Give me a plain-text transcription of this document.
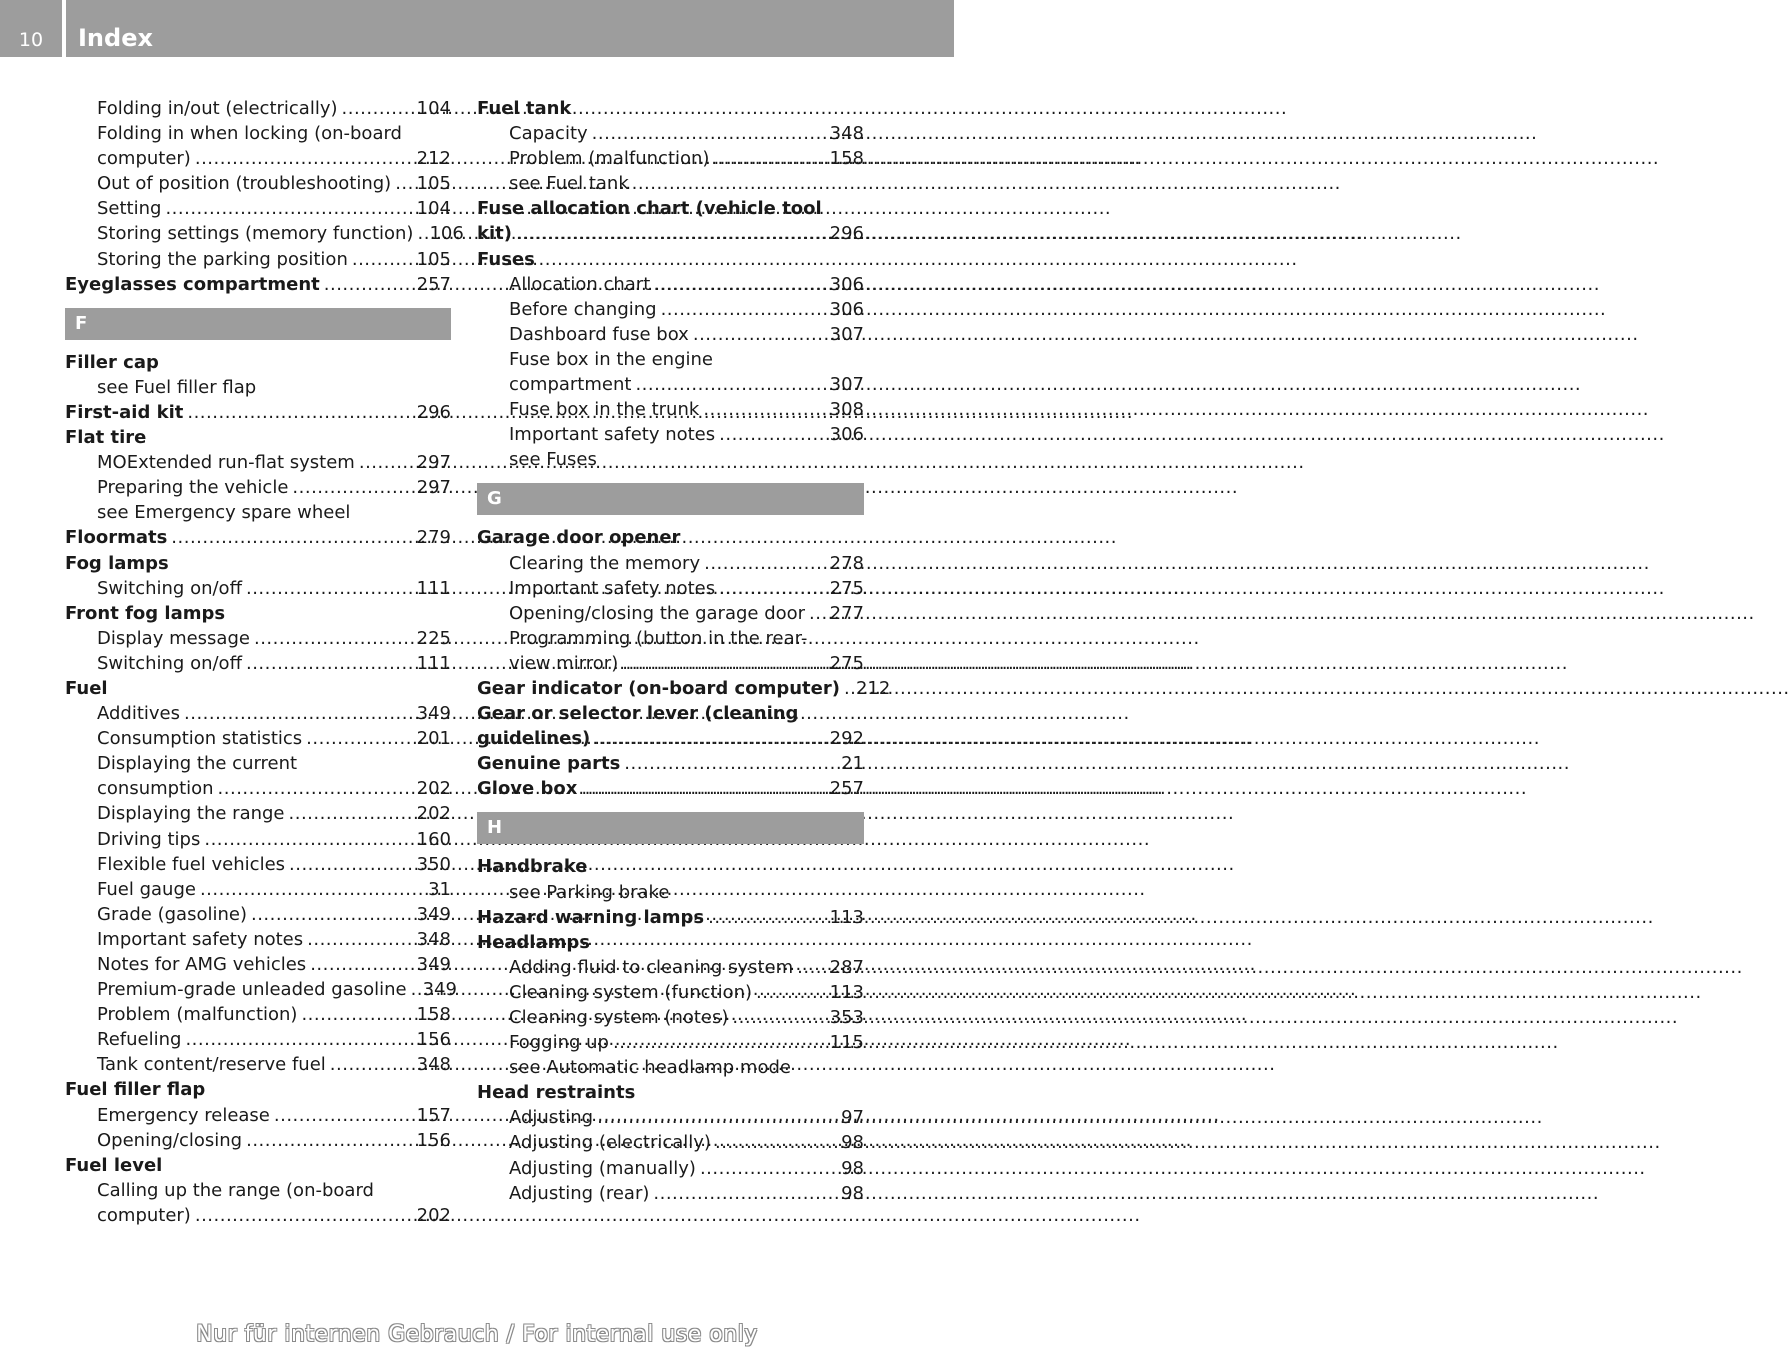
10	Index
Folding in/out (electrically) .....	104
Folding in when locking (on-board
computer) .....	212
Out of position (troubleshooting) ..... 105
Setting .....	104
Storing settings (memory function) ..... 106
Storing the parking position .....	105
Eyeglasses compartment .....	257
F
Filler cap
see Fuel filler flap
First-aid kit .....	296
Flat tire
MOExtended run-flat system .....	297
Preparing the vehicle .....	297
see Emergency spare wheel
Floormats .....	279
Fog lamps
Switching on/off .....	111
Front fog lamps
Display message .....	225
Switching on/off .....	111
Fuel
Additives .....	349
Consumption statistics .....	201
Displaying the current
consumption .....	202
Displaying the range .....	202
Driving tips .....	160
Flexible fuel vehicles .....	350
Fuel gauge .....	31
Grade (gasoline) .....	349
Important safety notes .....	348
Notes for AMG vehicles .....	349
Premium-grade unleaded gasoline ..... 349
Problem (malfunction) .....	158
Refueling .....	156
Tank content/reserve fuel .....	348
Fuel filler flap
Emergency release .....	157
Opening/closing .....	156
Fuel level
Calling up the range (on-board
computer) .....	202
Fuel tank
Capacity .....	348
Problem (malfunction) .....	158
see Fuel tank
Fuse allocation chart (vehicle tool
kit) .....	296
Fuses
Allocation chart .....	306
Before changing .....	306
Dashboard fuse box .....	307
Fuse box in the engine
compartment .....	307
Fuse box in the trunk .....	308
Important safety notes .....	306
see Fuses
G
Garage door opener
Clearing the memory .....	278
Important safety notes .....	275
Opening/closing the garage door ..... 277
Programming (button in the rear-
view mirror) .....	275
Gear indicator (on-board computer) ..... 212
Gear or selector lever (cleaning
guidelines) .....	292
Genuine parts .....	21
Glove box .....	257
H
Handbrake
see Parking brake
Hazard warning lamps .....	113
Headlamps
Adding fluid to cleaning system ..... 287
Cleaning system (function) .....	113
Cleaning system (notes) .....	353
Fogging up .....	115
see Automatic headlamp mode
Head restraints
Adjusting .....	97
Adjusting (electrically) .....	98
Adjusting (manually) .....	98
Adjusting (rear) .....	98
Nur für internen Gebrauch / For internal use only
